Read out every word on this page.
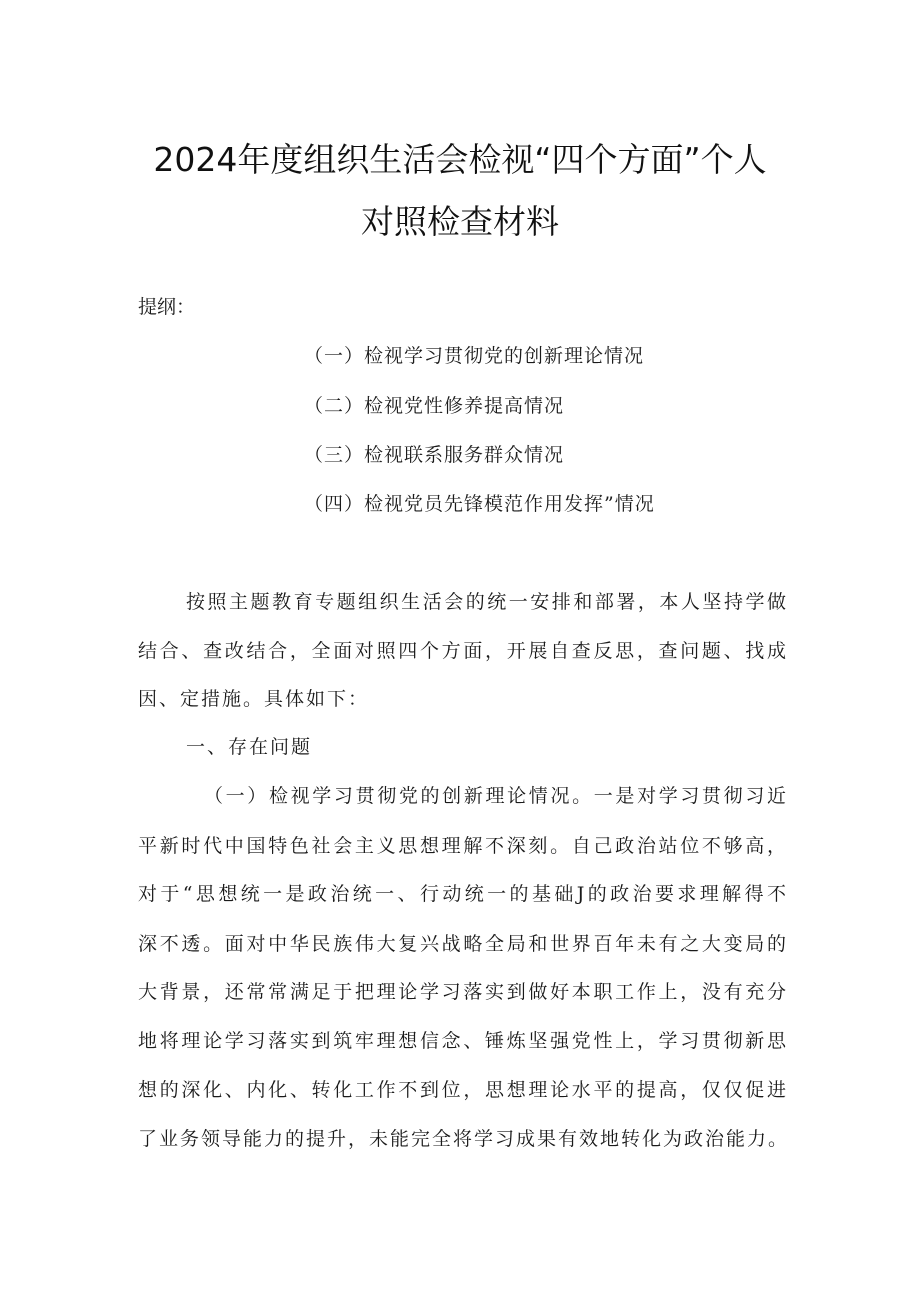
2024年度组织生活会检视“四个方面”个人
对照检查材料
提纲：
（一）检视学习贯彻党的创新理论情况
（二）检视党性修养提高情况
（三）检视联系服务群众情况
（四）检视党员先锋模范作用发挥”情况
按照主题教育专题组织生活会的统一安排和部署，本人坚持学做
结合、查改结合，全面对照四个方面，开展自查反思，查问题、找成
因、定措施。具体如下：
一、存在问题
（一）检视学习贯彻党的创新理论情况。一是对学习贯彻习近
平新时代中国特色社会主义思想理解不深刻。自己政治站位不够高，
对于“思想统一是政治统一、行动统一的基础J的政治要求理解得不
深不透。面对中华民族伟大复兴战略全局和世界百年未有之大变局的
大背景，还常常满足于把理论学习落实到做好本职工作上，没有充分
地将理论学习落实到筑牢理想信念、锤炼坚强党性上，学习贯彻新思
想的深化、内化、转化工作不到位，思想理论水平的提高，仅仅促进
了业务领导能力的提升，未能完全将学习成果有效地转化为政治能力。
